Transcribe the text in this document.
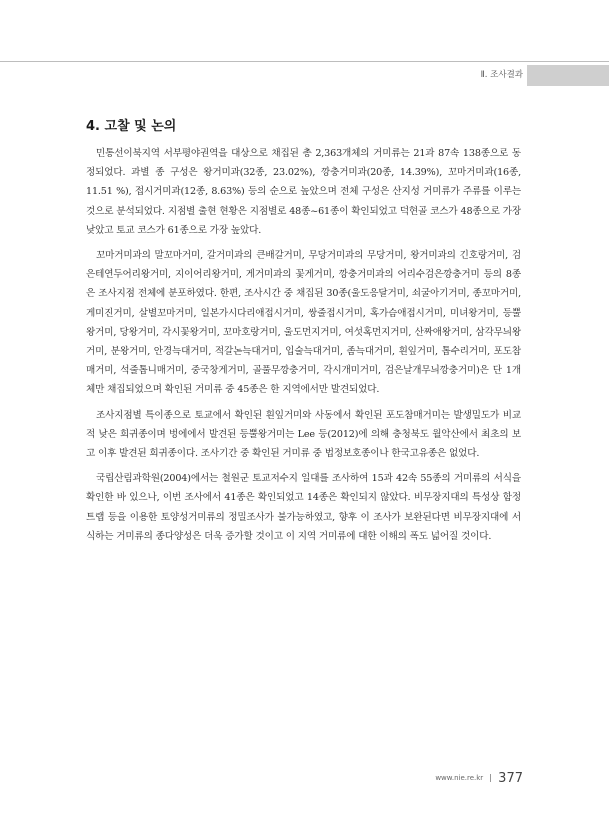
Ⅱ. 조사결과
4. 고찰 및 논의

민통선이북지역 서부평야권역을 대상으로 채집된 총 2,363개체의 거미류는 21과 87속 138종으로 동정되었다. 과별 종 구성은 왕거미과(32종, 23.02%), 깡충거미과(20종, 14.39%), 꼬마거미과(16종, 11.51 %), 접시거미과(12종, 8.63%) 등의 순으로 높았으며 전체 구성은 산지성 거미류가 주류를 이루는 것으로 분석되었다. 지점별 출현 현황은 지점별로 48종~61종이 확인되었고 덕현골 코스가 48종으로 가장 낮았고 토교 코스가 61종으로 가장 높았다.

꼬마거미과의 말꼬마거미, 갈거미과의 큰배갈거미, 무당거미과의 무당거미, 왕거미과의 긴호랑거미, 검은테연두어리왕거미, 지이어리왕거미, 게거미과의 꽃게거미, 깡충거미과의 어리수검은깡충거미 등의 8종은 조사지점 전체에 분포하였다. 한편, 조사시간 중 채집된 30종(울도응달거미, 쇠굴아기거미, 종꼬마거미, 게미진거미, 살별꼬마거미, 일본가시다리애접시거미, 쌍줄접시거미, 혹가슴애접시거미, 미녀왕거미, 등뿔왕거미, 당왕거미, 각시꽃왕거미, 꼬마호랑거미, 울도먼지거미, 여섯혹먼지거미, 산짜애왕거미, 삼각무늬왕거미, 분왕거미, 안경늑대거미, 적갈논늑대거미, 입술늑대거미, 좀늑대거미, 흰잎거미, 톱수리거미, 포도참매거미, 석줄톱니매거미, 중국창게거미, 골풀무깡충거미, 각시개미거미, 검은날개무늬깡충거미)은 단 1개체만 채집되었으며 확인된 거미류 중 45종은 한 지역에서만 발견되었다.

조사지점별 특이종으로 토교에서 확인된 흰잎거미와 사동에서 확인된 포도참매거미는 발생밀도가 비교적 낮은 희귀종이며 벙에에서 발견된 등뿔왕거미는 Lee 등(2012)에 의해 충청북도 월악산에서 최초의 보고 이후 발견된 희귀종이다. 조사기간 중 확인된 거미류 중 법정보호종이나 한국고유종은 없었다.

국립산림과학원(2004)에서는 철원군 토교저수지 일대를 조사하여 15과 42속 55종의 거미류의 서식을 확인한 바 있으나, 이번 조사에서 41종은 확인되었고 14종은 확인되지 않았다. 비무장지대의 특성상 함정트랩 등을 이용한 토양성거미류의 정밀조사가 불가능하였고, 향후 이 조사가 보완된다면 비무장지대에 서식하는 거미류의 종다양성은 더욱 증가할 것이고 이 지역 거미류에 대한 이해의 폭도 넓어질 것이다.

www.nie.re.kr 377
